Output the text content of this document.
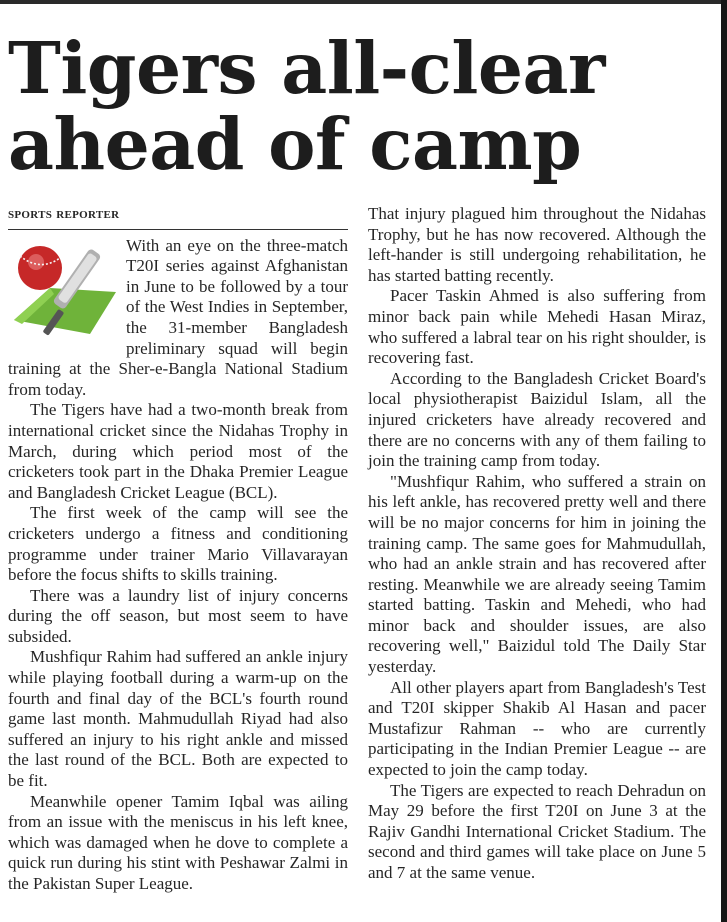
Tigers all-clear
ahead of camp
sports reporter

With an eye on the three-match T20I series against Afghanistan in June to be followed by a tour of the West Indies in September, the 31-member Bangladesh preliminary squad will begin training at the Sher-e-Bangla National Stadium from today.

The Tigers have had a two-month break from international cricket since the Nidahas Trophy in March, during which period most of the cricketers took part in the Dhaka Premier League and Bangladesh Cricket League (BCL).

The first week of the camp will see the cricketers undergo a fitness and conditioning programme under trainer Mario Villavarayan before the focus shifts to skills training.

There was a laundry list of injury concerns during the off season, but most seem to have subsided.

Mushfiqur Rahim had suffered an ankle injury while playing football during a warm-up on the fourth and final day of the BCL's fourth round game last month. Mahmudullah Riyad had also suffered an injury to his right ankle and missed the last round of the BCL. Both are expected to be fit.

Meanwhile opener Tamim Iqbal was ailing from an issue with the meniscus in his left knee, which was damaged when he dove to complete a quick run during his stint with Peshawar Zalmi in the Pakistan Super League.

That injury plagued him throughout the Nidahas Trophy, but he has now recovered. Although the left-hander is still undergoing rehabilitation, he has started batting recently.

Pacer Taskin Ahmed is also suffering from minor back pain while Mehedi Hasan Miraz, who suffered a labral tear on his right shoulder, is recovering fast.

According to the Bangladesh Cricket Board's local physiotherapist Baizidul Islam, all the injured cricketers have already recovered and there are no concerns with any of them failing to join the training camp from today.

"Mushfiqur Rahim, who suffered a strain on his left ankle, has recovered pretty well and there will be no major concerns for him in joining the training camp. The same goes for Mahmudullah, who had an ankle strain and has recovered after resting. Meanwhile we are already seeing Tamim started batting. Taskin and Mehedi, who had minor back and shoulder issues, are also recovering well," Baizidul told The Daily Star yesterday.

All other players apart from Bangladesh's Test and T20I skipper Shakib Al Hasan and pacer Mustafizur Rahman -- who are currently participating in the Indian Premier League -- are expected to join the camp today.

The Tigers are expected to reach Dehradun on May 29 before the first T20I on June 3 at the Rajiv Gandhi International Cricket Stadium. The second and third games will take place on June 5 and 7 at the same venue.
